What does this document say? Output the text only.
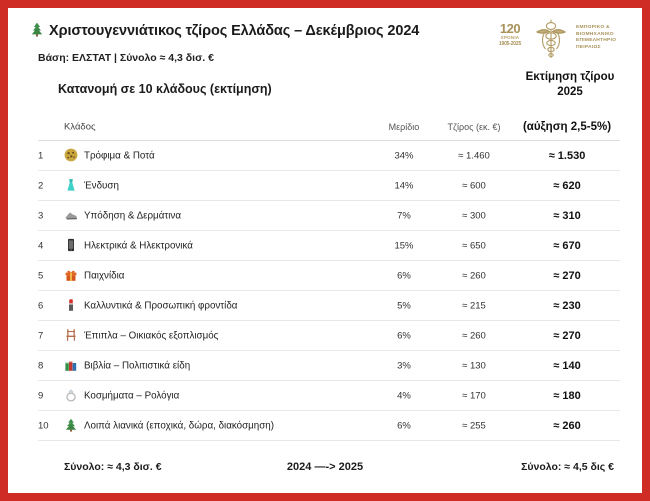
Χριστουγεννιάτικος τζίρος Ελλάδας – Δεκέμβριος 2024
Βάση: ΕΛΣΤΑΤ | Σύνολο ≈ 4,3 δισ. €
120
ΧΡΟΝΙΑ
1905-2025
ΕΜΠΟΡΙΚΟ &
ΒΙΟΜΗΧΑΝΙΚΟ
ΕΠΙΜΕΛΗΤΗΡΙΟ
ΠΕΙΡΑΙΩΣ
Κατανομή σε 10 κλάδους (εκτίμηση)
Εκτίμηση τζίρου
2025
Κλάδος	Μερίδιο	Τζίρος (εκ. €)	(αύξηση 2,5-5%)
1	Τρόφιμα & Ποτά	34%	≈ 1.460	≈ 1.530
2	Ένδυση	14%	≈ 600	≈ 620
3	Υπόδηση & Δερμάτινα	7%	≈ 300	≈ 310
4	Ηλεκτρικά & Ηλεκτρονικά	15%	≈ 650	≈ 670
5	Παιχνίδια	6%	≈ 260	≈ 270
6	Καλλυντικά & Προσωπική φροντίδα	5%	≈ 215	≈ 230
7	Έπιπλα – Οικιακός εξοπλισμός	6%	≈ 260	≈ 270
8	Βιβλία – Πολιτιστικά είδη	3%	≈ 130	≈ 140
9	Κοσμήματα – Ρολόγια	4%	≈ 170	≈ 180
10	Λοιπά λιανικά (εποχικά, δώρα, διακόσμηση)	6%	≈ 255	≈ 260
Σύνολο: ≈ 4,3 δισ. €	2024 —-> 2025	Σύνολο: ≈ 4,5 δις €
